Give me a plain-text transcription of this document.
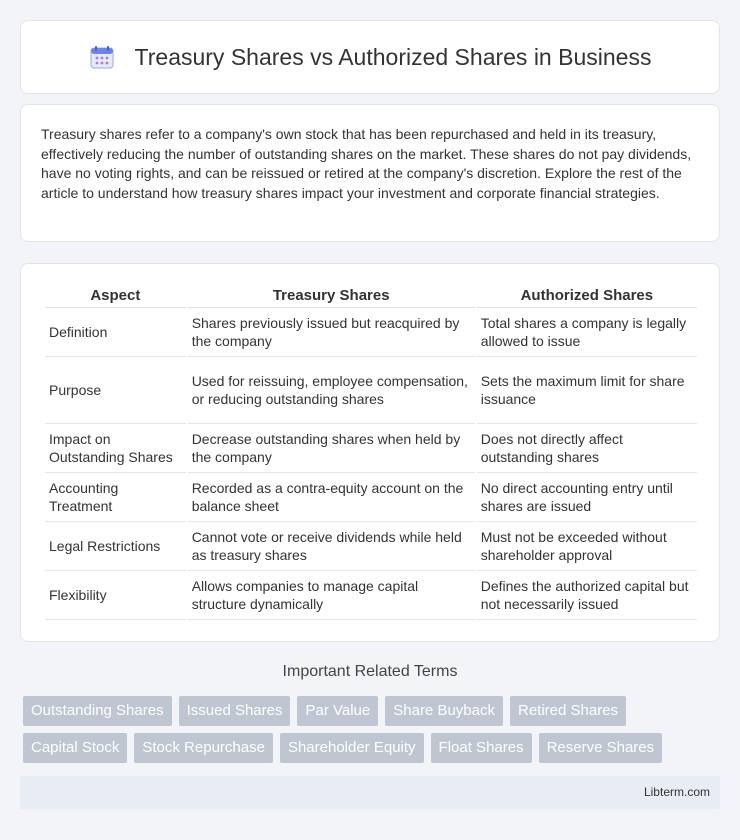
Treasury Shares vs Authorized Shares in Business

Treasury shares refer to a company's own stock that has been repurchased and held in its treasury, effectively reducing the number of outstanding shares on the market. These shares do not pay dividends, have no voting rights, and can be reissued or retired at the company's discretion. Explore the rest of the article to understand how treasury shares impact your investment and corporate financial strategies.

Aspect	Treasury Shares	Authorized Shares
Definition	Shares previously issued but reacquired by the company	Total shares a company is legally allowed to issue
Purpose	Used for reissuing, employee compensation, or reducing outstanding shares	Sets the maximum limit for share issuance
Impact on Outstanding Shares	Decrease outstanding shares when held by the company	Does not directly affect outstanding shares
Accounting Treatment	Recorded as a contra-equity account on the balance sheet	No direct accounting entry until shares are issued
Legal Restrictions	Cannot vote or receive dividends while held as treasury shares	Must not be exceeded without shareholder approval
Flexibility	Allows companies to manage capital structure dynamically	Defines the authorized capital but not necessarily issued
Important Related Terms
Outstanding Shares	Issued Shares	Par Value	Share Buyback	Retired Shares
Capital Stock	Stock Repurchase	Shareholder Equity	Float Shares	Reserve Shares
Libterm.com
